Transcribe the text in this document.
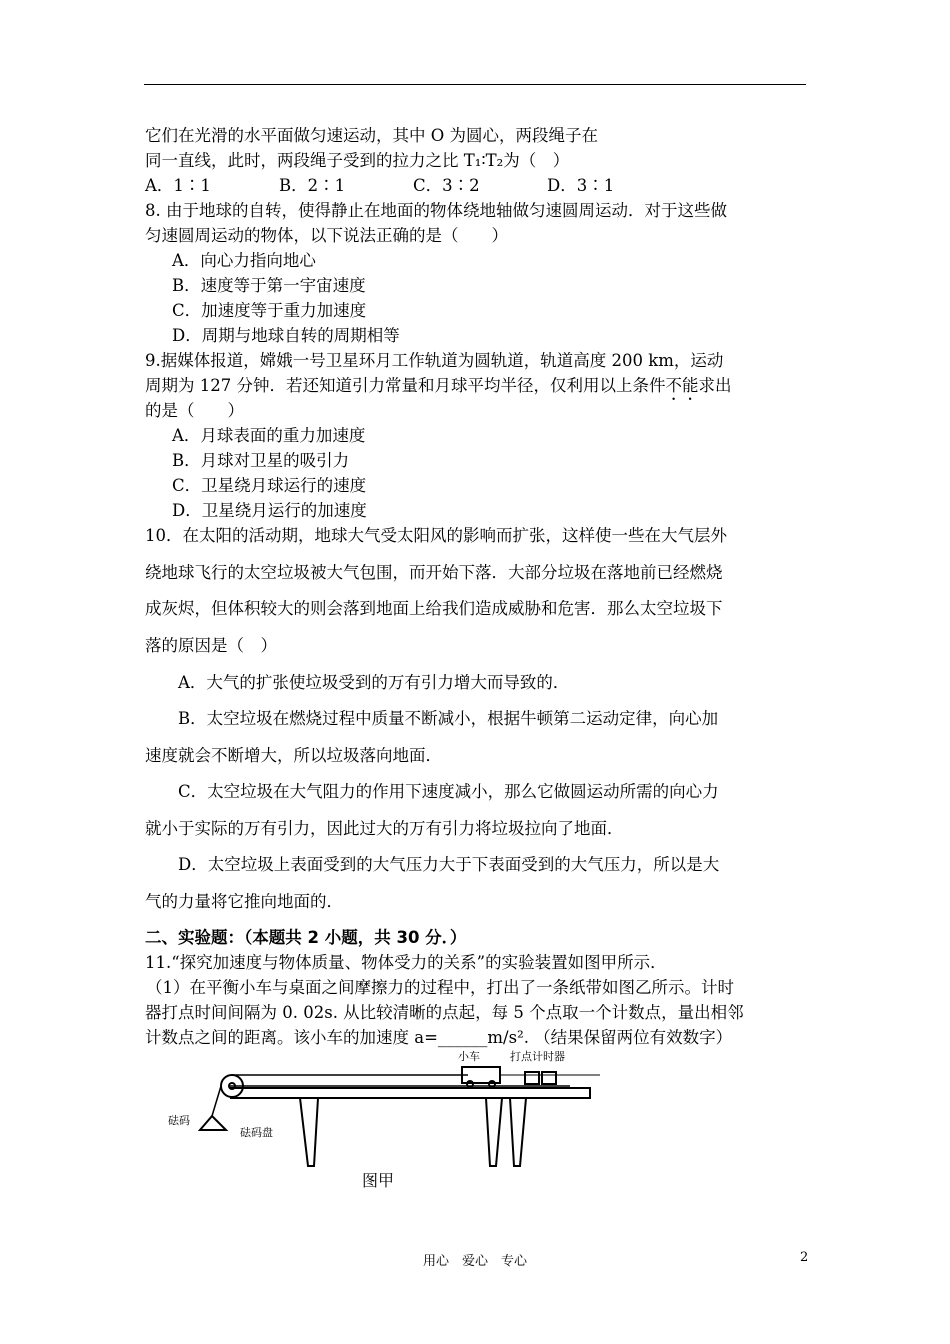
它们在光滑的水平面做匀速运动，其中 O 为圆心，两段绳子在
同一直线，此时，两段绳子受到的拉力之比 T₁∶T₂为（　）
A．1∶1	B．2∶1	C．3∶2	D．3∶1
8. 由于地球的自转，使得静止在地面的物体绕地轴做匀速圆周运动．对于这些做
匀速圆周运动的物体，以下说法正确的是（　　）
A．向心力指向地心
B．速度等于第一宇宙速度
C．加速度等于重力加速度
D．周期与地球自转的周期相等
9.据媒体报道，嫦娥一号卫星环月工作轨道为圆轨道，轨道高度 200 km，运动
周期为 127 分钟．若还知道引力常量和月球平均半径，仅利用以上条件不能求出
的是（　　）
A．月球表面的重力加速度
B．月球对卫星的吸引力
C．卫星绕月球运行的速度
D．卫星绕月运行的加速度
10．在太阳的活动期，地球大气受太阳风的影响而扩张，这样使一些在大气层外
绕地球飞行的太空垃圾被大气包围，而开始下落．大部分垃圾在落地前已经燃烧
成灰烬，但体积较大的则会落到地面上给我们造成威胁和危害．那么太空垃圾下
落的原因是（　）
A．大气的扩张使垃圾受到的万有引力增大而导致的．
B．太空垃圾在燃烧过程中质量不断减小，根据牛顿第二运动定律，向心加
速度就会不断增大，所以垃圾落向地面．
C．太空垃圾在大气阻力的作用下速度减小，那么它做圆运动所需的向心力
就小于实际的万有引力，因此过大的万有引力将垃圾拉向了地面．
D．太空垃圾上表面受到的大气压力大于下表面受到的大气压力，所以是大
气的力量将它推向地面的．
二、实验题：（本题共 2 小题，共 30 分．）
11.“探究加速度与物体质量、物体受力的关系”的实验装置如图甲所示．
（1）在平衡小车与桌面之间摩擦力的过程中，打出了一条纸带如图乙所示。计时
器打点时间间隔为 0. 02s. 从比较清晰的点起，每 5 个点取一个计数点，量出相邻
计数点之间的距离。该小车的加速度 a=______m/s². （结果保留两位有效数字）
小车	打点计时器
砝码
砝码盘
图甲
用心　爱心　专心	2
